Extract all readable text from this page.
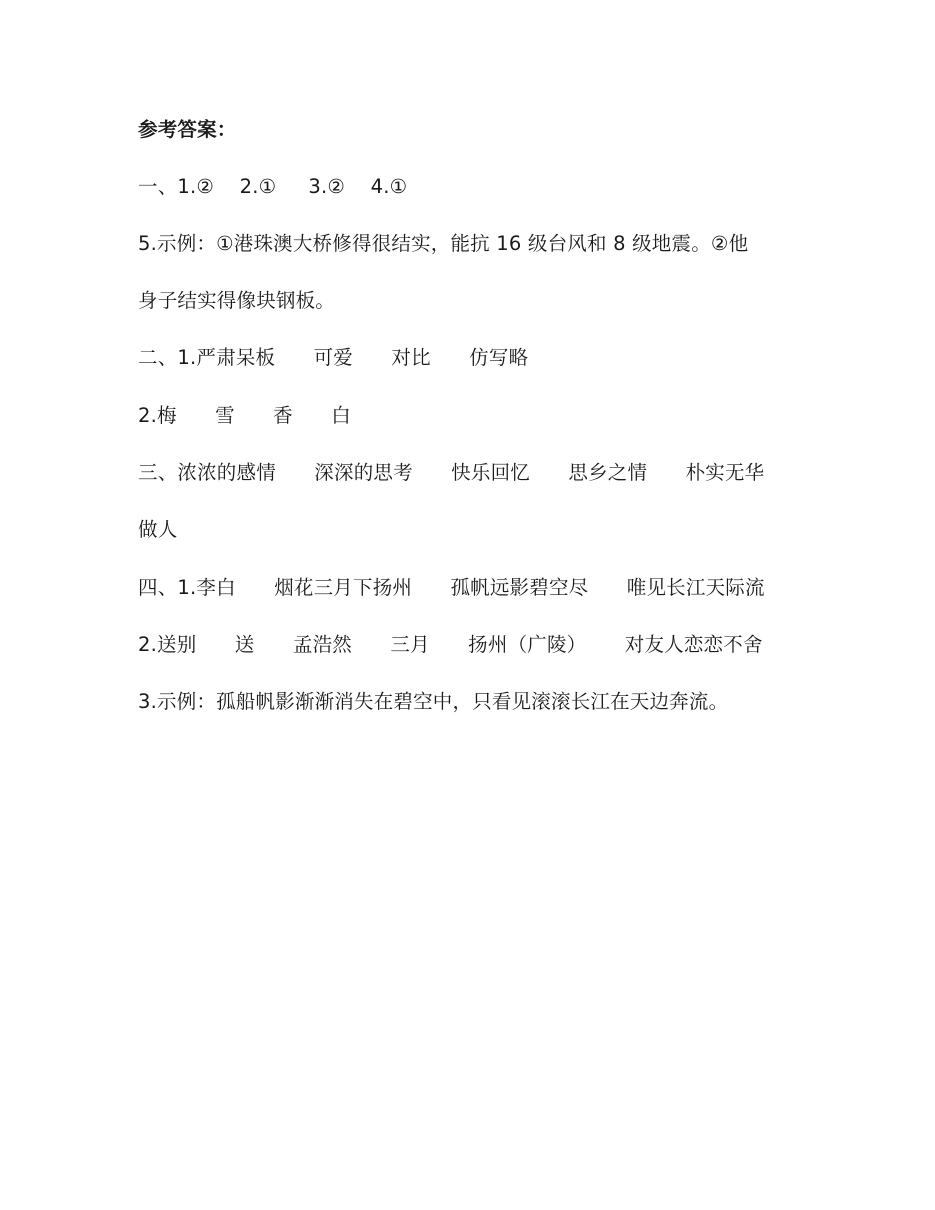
参考答案：
一、1.②    2.①     3.②    4.①
5.示例：①港珠澳大桥修得很结实，能抗 16 级台风和 8 级地震。②他
身子结实得像块钢板。
二、1.严肃呆板      可爱      对比      仿写略
2.梅      雪      香      白
三、浓浓的感情      深深的思考      快乐回忆      思乡之情      朴实无华
做人
四、1.李白      烟花三月下扬州      孤帆远影碧空尽      唯见长江天际流
2.送别      送      孟浩然      三月      扬州（广陵）      对友人恋恋不舍
3.示例：孤船帆影渐渐消失在碧空中，只看见滚滚长江在天边奔流。
